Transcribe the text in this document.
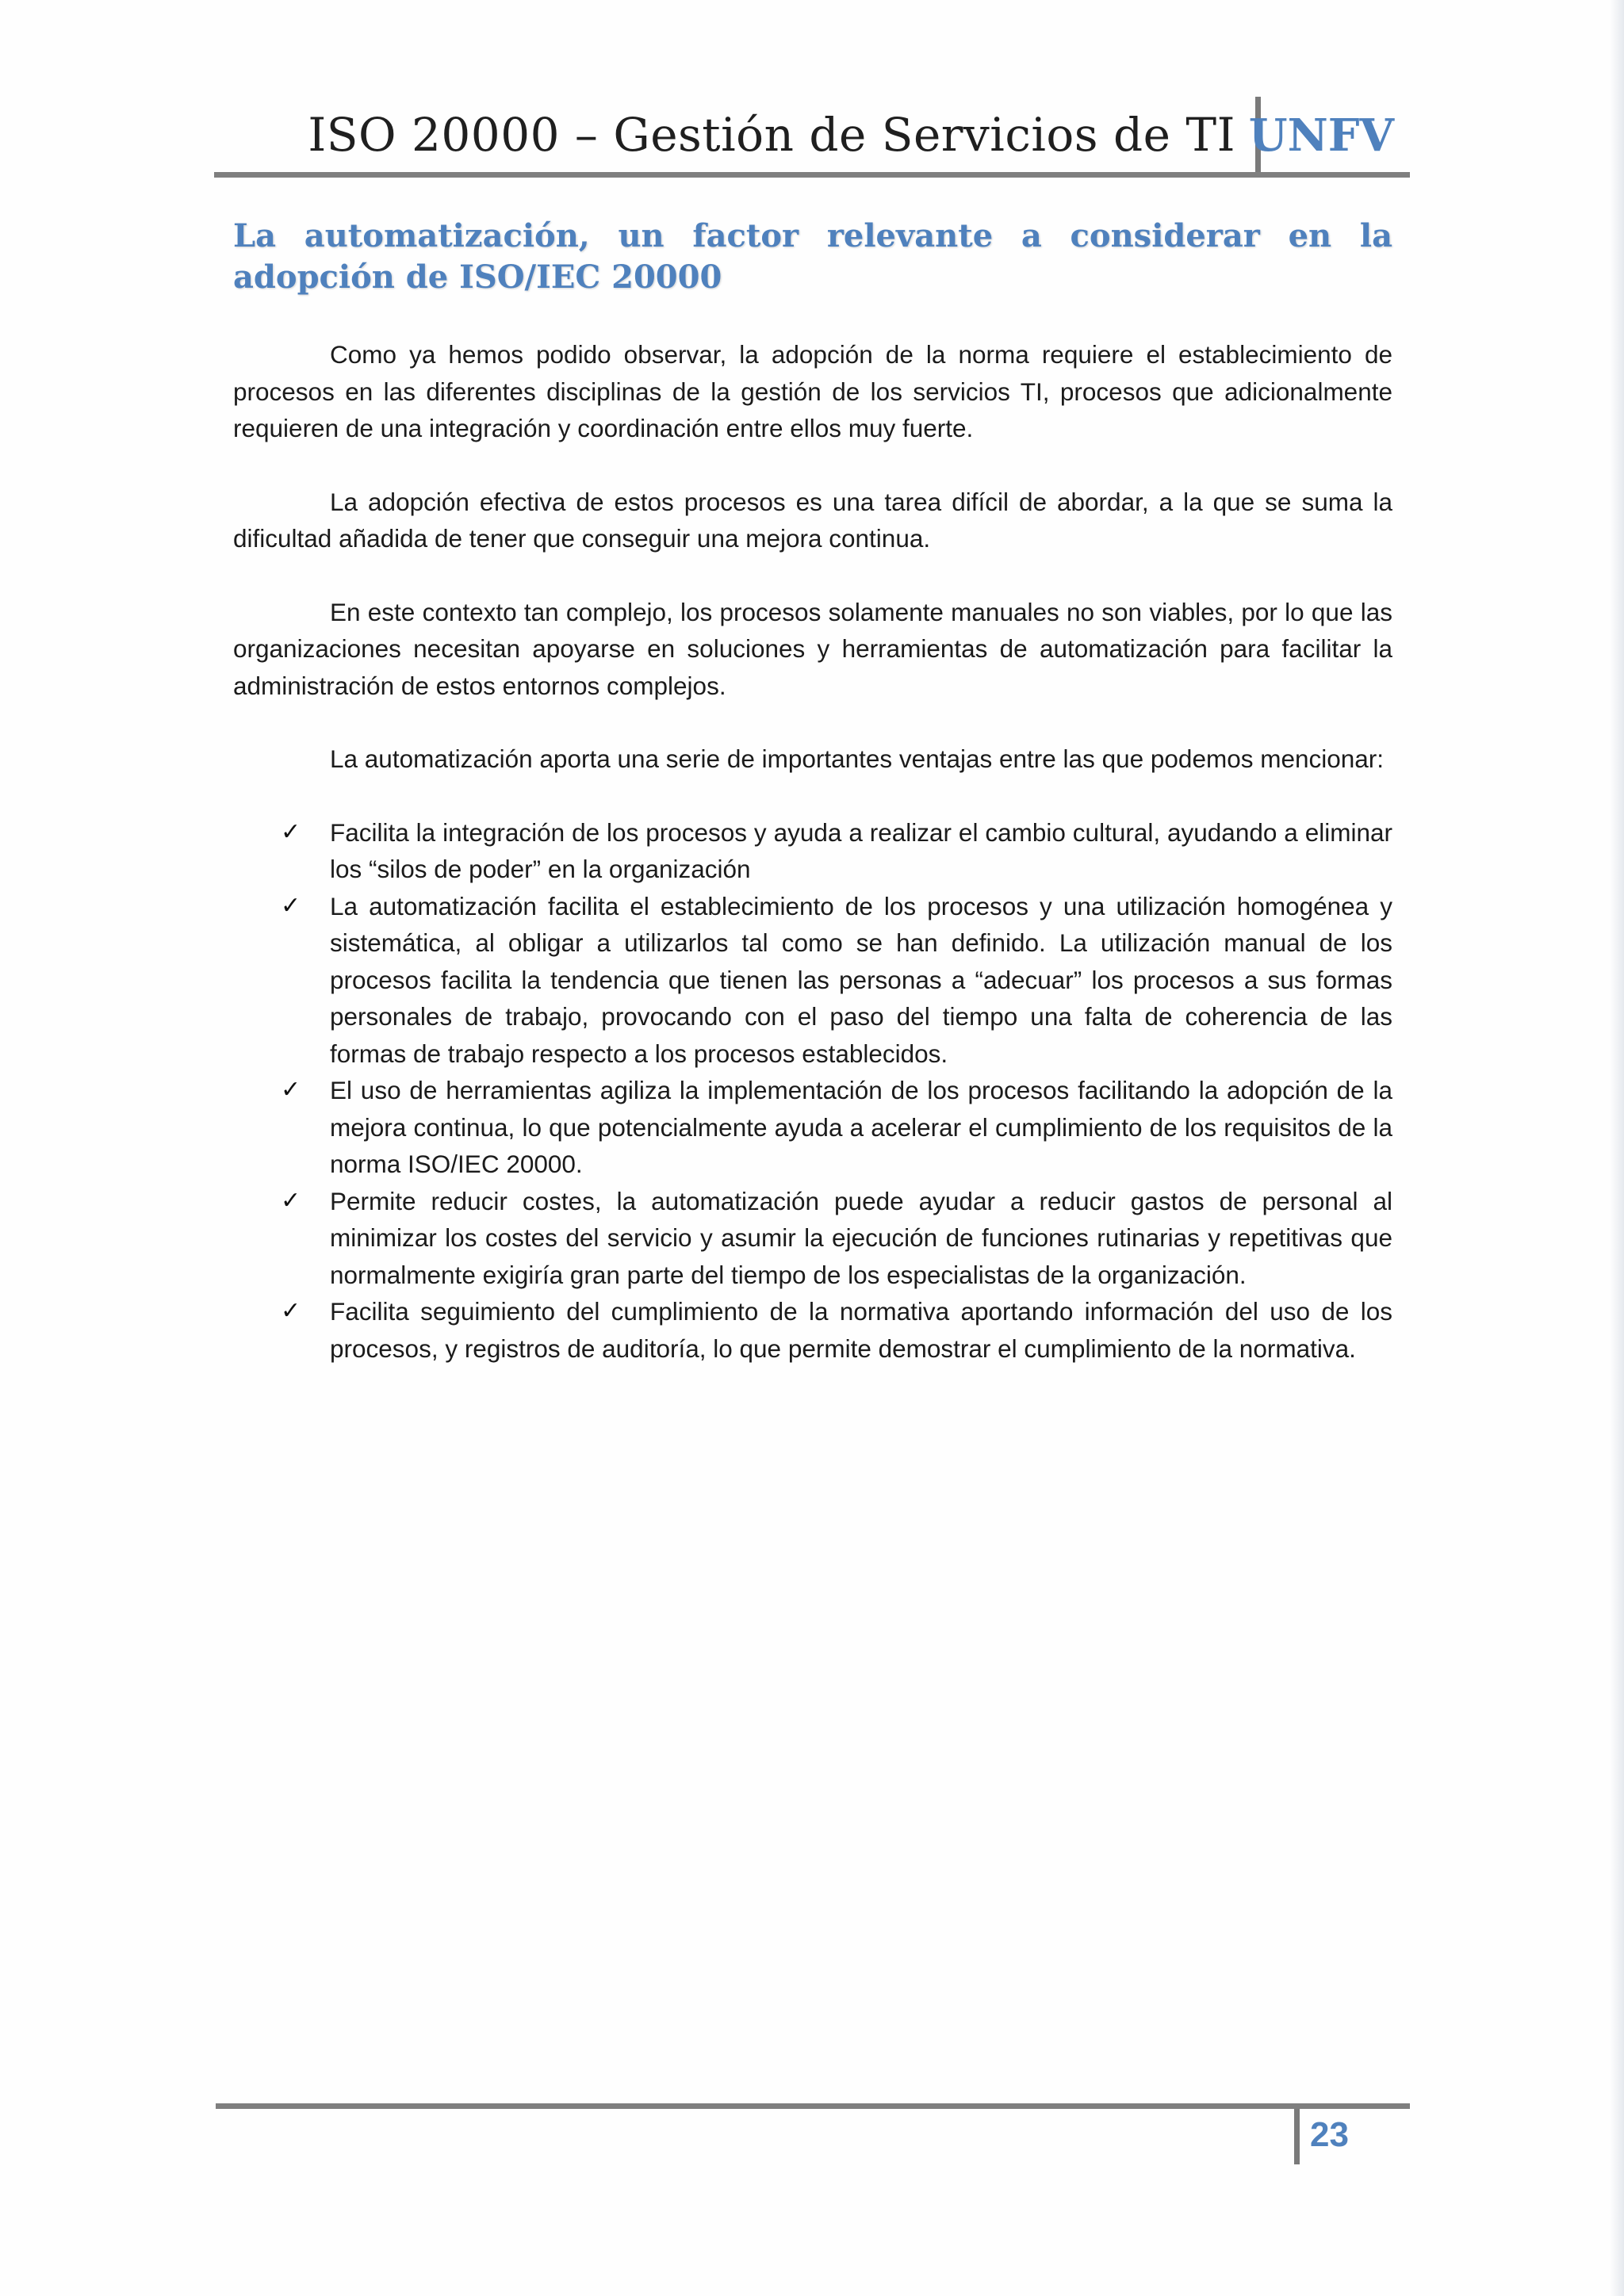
ISO 20000 – Gestión de Servicios de TI UNFV
La automatización, un factor relevante a considerar en la adopción de ISO/IEC 20000

Como ya hemos podido observar, la adopción de la norma requiere el establecimiento de procesos en las diferentes disciplinas de la gestión de los servicios TI, procesos que adicionalmente requieren de una integración y coordinación entre ellos muy fuerte.

La adopción efectiva de estos procesos es una tarea difícil de abordar, a la que se suma la dificultad añadida de tener que conseguir una mejora continua.

En este contexto tan complejo, los procesos solamente manuales no son viables, por lo que las organizaciones necesitan apoyarse en soluciones y herramientas de automatización para facilitar la administración de estos entornos complejos.

La automatización aporta una serie de importantes ventajas entre las que podemos mencionar:

✓ Facilita la integración de los procesos y ayuda a realizar el cambio cultural, ayudando a eliminar los “silos de poder” en la organización
✓ La automatización facilita el establecimiento de los procesos y una utilización homogénea y sistemática, al obligar a utilizarlos tal como se han definido. La utilización manual de los procesos facilita la tendencia que tienen las personas a “adecuar” los procesos a sus formas personales de trabajo, provocando con el paso del tiempo una falta de coherencia de las formas de trabajo respecto a los procesos establecidos.
✓ El uso de herramientas agiliza la implementación de los procesos facilitando la adopción de la mejora continua, lo que potencialmente ayuda a acelerar el cumplimiento de los requisitos de la norma ISO/IEC 20000.
✓ Permite reducir costes, la automatización puede ayudar a reducir gastos de personal al minimizar los costes del servicio y asumir la ejecución de funciones rutinarias y repetitivas que normalmente exigiría gran parte del tiempo de los especialistas de la organización.
✓ Facilita seguimiento del cumplimiento de la normativa aportando información del uso de los procesos, y registros de auditoría, lo que permite demostrar el cumplimiento de la normativa.
23
